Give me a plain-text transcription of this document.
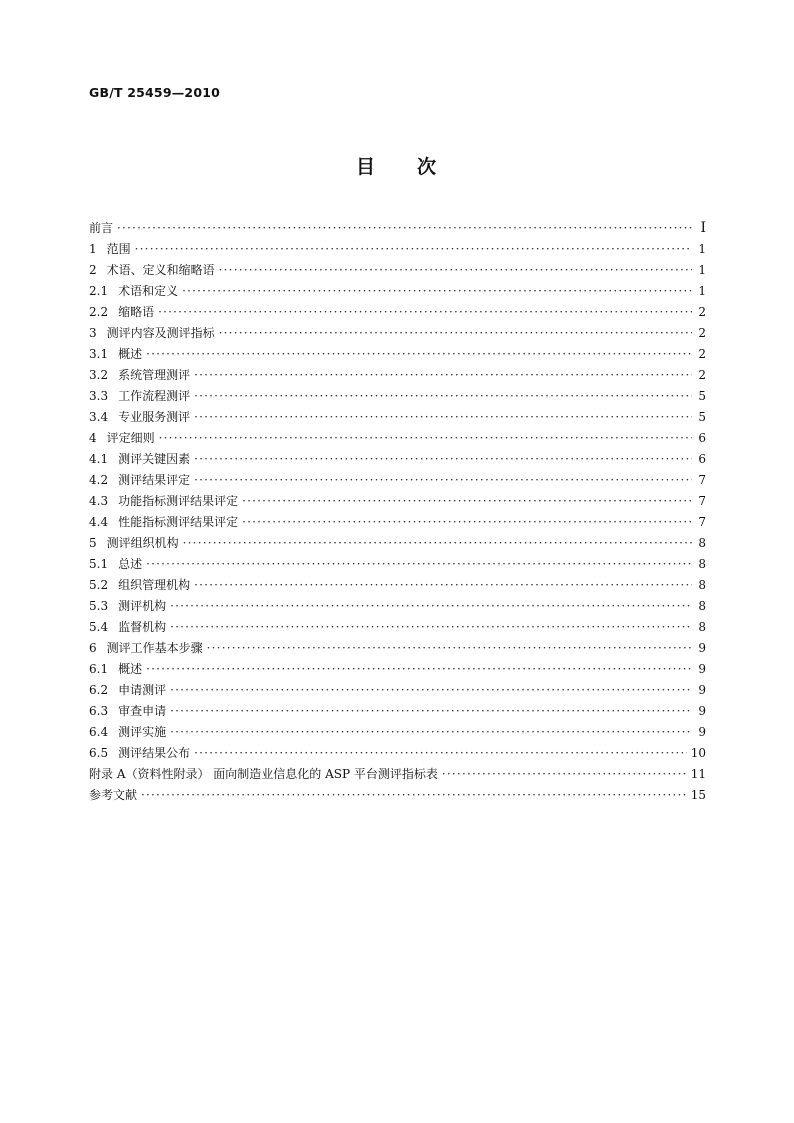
GB/T 25459—2010
目 次
前言 ·····	Ⅰ
1 范围 ·····	1
2 术语、定义和缩略语 ·····	1
2.1 术语和定义 ·····	1
2.2 缩略语 ·····	2
3 测评内容及测评指标 ·····	2
3.1 概述 ·····	2
3.2 系统管理测评 ·····	2
3.3 工作流程测评 ·····	5
3.4 专业服务测评 ·····	5
4 评定细则 ·····	6
4.1 测评关键因素 ·····	6
4.2 测评结果评定 ·····	7
4.3 功能指标测评结果评定 ·····	7
4.4 性能指标测评结果评定 ·····	7
5 测评组织机构 ·····	8
5.1 总述 ·····	8
5.2 组织管理机构 ·····	8
5.3 测评机构 ·····	8
5.4 监督机构 ·····	8
6 测评工作基本步骤 ·····	9
6.1 概述 ·····	9
6.2 申请测评 ·····	9
6.3 审查申请 ·····	9
6.4 测评实施 ·····	9
6.5 测评结果公布 ·····	10
附录 A（资料性附录） 面向制造业信息化的 ASP 平台测评指标表 ·····	11
参考文献 ·····	15
